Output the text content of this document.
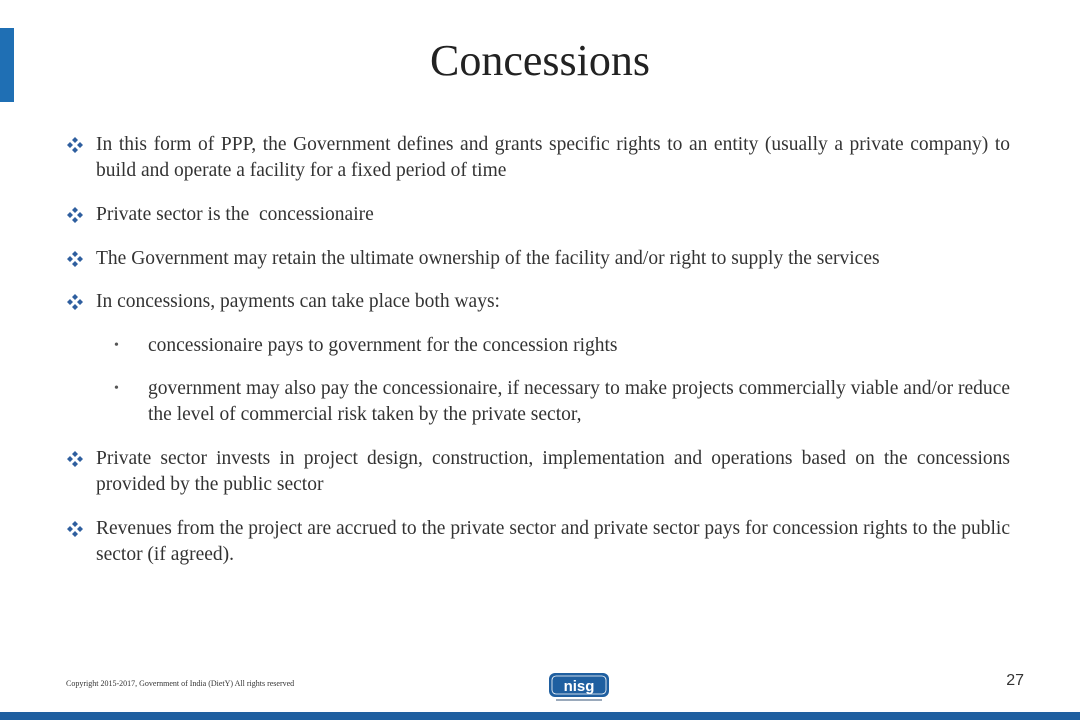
Concessions
In this form of PPP, the Government defines and grants specific rights to an entity (usually a private company) to build and operate a facility for a fixed period of time
Private sector is the  concessionaire
The Government may retain the ultimate ownership of the facility and/or right to supply the services
In concessions, payments can take place both ways:
•	concessionaire pays to government for the concession rights
•	government may also pay the concessionaire, if necessary to make projects commercially viable and/or reduce the level of commercial risk taken by the private sector,
Private sector invests in project design, construction, implementation and operations based on the concessions provided by the public sector
Revenues from the project are accrued to the private sector and private sector pays for concession rights to the public sector (if agreed).
Copyright 2015-2017, Government of India (DietY) All rights reserved	nisg	27
